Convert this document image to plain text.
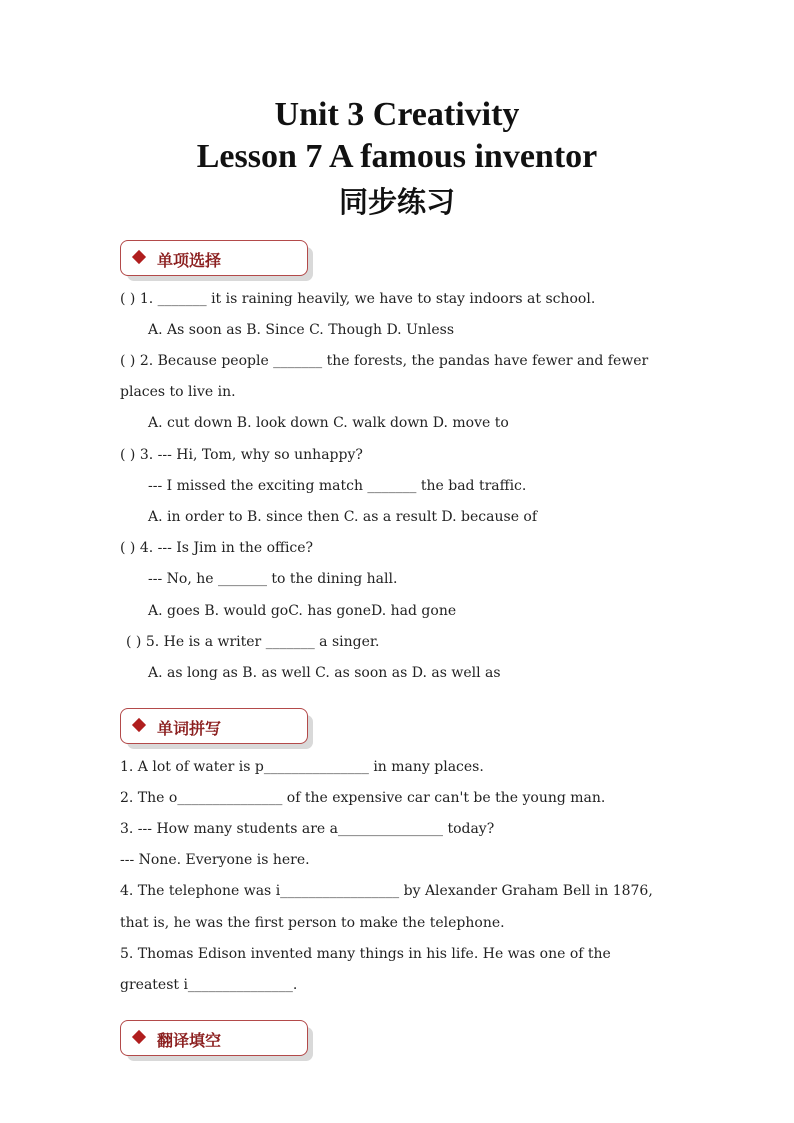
Unit 3 Creativity
Lesson 7 A famous inventor
同步练习
单项选择
( ) 1. _______ it is raining heavily, we have to stay indoors at school.
A. As soon as B. Since C. Though D. Unless
( ) 2. Because people _______ the forests, the pandas have fewer and fewer
places to live in.
A. cut down B. look down C. walk down D. move to
( ) 3. --- Hi, Tom, why so unhappy?
--- I missed the exciting match _______ the bad traffic.
A. in order to B. since then C. as a result D. because of
( ) 4. --- Is Jim in the office?
--- No, he _______ to the dining hall.
A. goes B. would goC. has goneD. had gone
( ) 5. He is a writer _______ a singer.
A. as long as B. as well C. as soon as D. as well as
单词拼写
1. A lot of water is p_______________ in many places.
2. The o_______________ of the expensive car can't be the young man.
3. --- How many students are a_______________ today?
--- None. Everyone is here.
4. The telephone was i_________________ by Alexander Graham Bell in 1876,
that is, he was the first person to make the telephone.
5. Thomas Edison invented many things in his life. He was one of the
greatest i_______________.
翻译填空
